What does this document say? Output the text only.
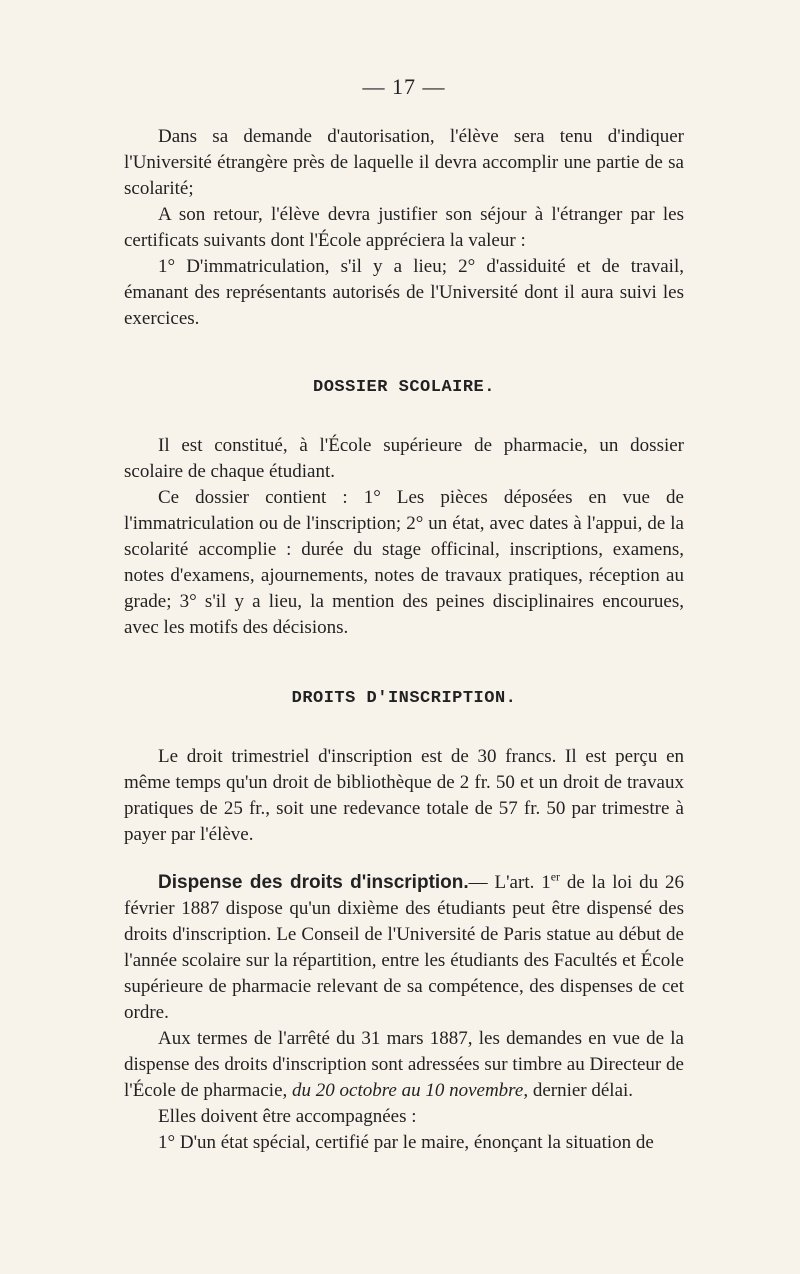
— 17 —

Dans sa demande d'autorisation, l'élève sera tenu d'indiquer l'Université étrangère près de laquelle il devra accomplir une partie de sa scolarité;

A son retour, l'élève devra justifier son séjour à l'étranger par les certificats suivants dont l'École appréciera la valeur :

1° D'immatriculation, s'il y a lieu; 2° d'assiduité et de travail, émanant des représentants autorisés de l'Université dont il aura suivi les exercices.

DOSSIER SCOLAIRE.

Il est constitué, à l'École supérieure de pharmacie, un dossier scolaire de chaque étudiant.

Ce dossier contient : 1° Les pièces déposées en vue de l'immatriculation ou de l'inscription; 2° un état, avec dates à l'appui, de la scolarité accomplie : durée du stage officinal, inscriptions, examens, notes d'examens, ajournements, notes de travaux pratiques, réception au grade; 3° s'il y a lieu, la mention des peines disciplinaires encourues, avec les motifs des décisions.

DROITS D'INSCRIPTION.

Le droit trimestriel d'inscription est de 30 francs. Il est perçu en même temps qu'un droit de bibliothèque de 2 fr. 50 et un droit de travaux pratiques de 25 fr., soit une redevance totale de 57 fr. 50 par trimestre à payer par l'élève.

Dispense des droits d'inscription.— L'art. 1er de la loi du 26 février 1887 dispose qu'un dixième des étudiants peut être dispensé des droits d'inscription. Le Conseil de l'Université de Paris statue au début de l'année scolaire sur la répartition, entre les étudiants des Facultés et École supérieure de pharmacie relevant de sa compétence, des dispenses de cet ordre.

Aux termes de l'arrêté du 31 mars 1887, les demandes en vue de la dispense des droits d'inscription sont adressées sur timbre au Directeur de l'École de pharmacie, du 20 octobre au 10 novembre, dernier délai.

Elles doivent être accompagnées :

1° D'un état spécial, certifié par le maire, énonçant la situation de
